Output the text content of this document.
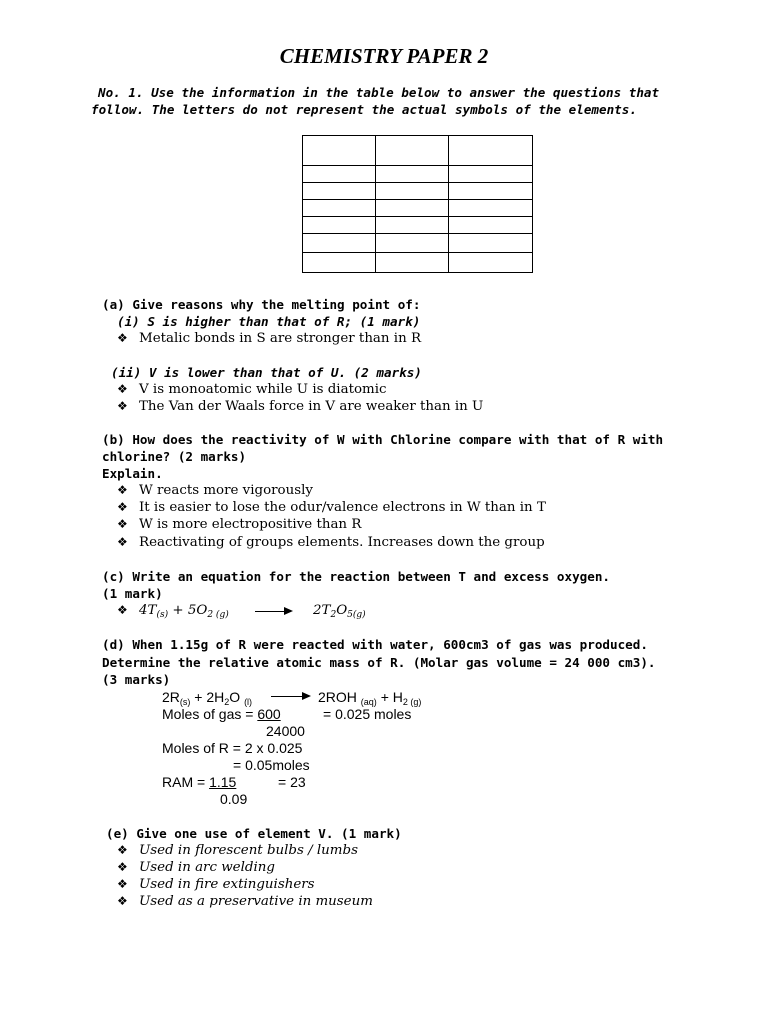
CHEMISTRY PAPER 2
No. 1. Use the information in the table below to answer the questions that
follow. The letters do not represent the actual symbols of the elements.

(a) Give reasons why the melting point of:
(i) S is higher than that of R; (1 mark)
❖ Metalic bonds in S are stronger than in R
(ii) V is lower than that of U. (2 marks)
❖ V is monoatomic while U is diatomic
❖ The Van der Waals force in V are weaker than in U
(b) How does the reactivity of W with Chlorine compare with that of R with
chlorine? (2 marks)
Explain.
❖ W reacts more vigorously
❖ It is easier to lose the odur/valence electrons in W than in T
❖ W is more electropositive than R
❖ Reactivating of groups elements. Increases down the group
(c) Write an equation for the reaction between T and excess oxygen.
(1 mark)
❖ $4T_{(s)} + 5O_{2 (g)} \to 2T_2O_{5(g)}$
(d) When 1.15g of R were reacted with water, 600cm3 of gas was produced.
Determine the relative atomic mass of R. (Molar gas volume = 24 000 cm3).
(3 marks)
$2R_{(s)} + 2H_2O$ $_{(l)}$ → 2ROH $_{(aq)} + H_{2 (g)}$
Moles of gas = 600	= 0.025 moles
24000
Moles of R = 2 x 0.025
= 0.05moles
RAM = 1.15	= 23
0.09
(e) Give one use of element V. (1 mark)
❖ Used in florescent bulbs / lumbs
❖ Used in arc welding
❖ Used in fire extinguishers
❖ Used as a preservative in museum
